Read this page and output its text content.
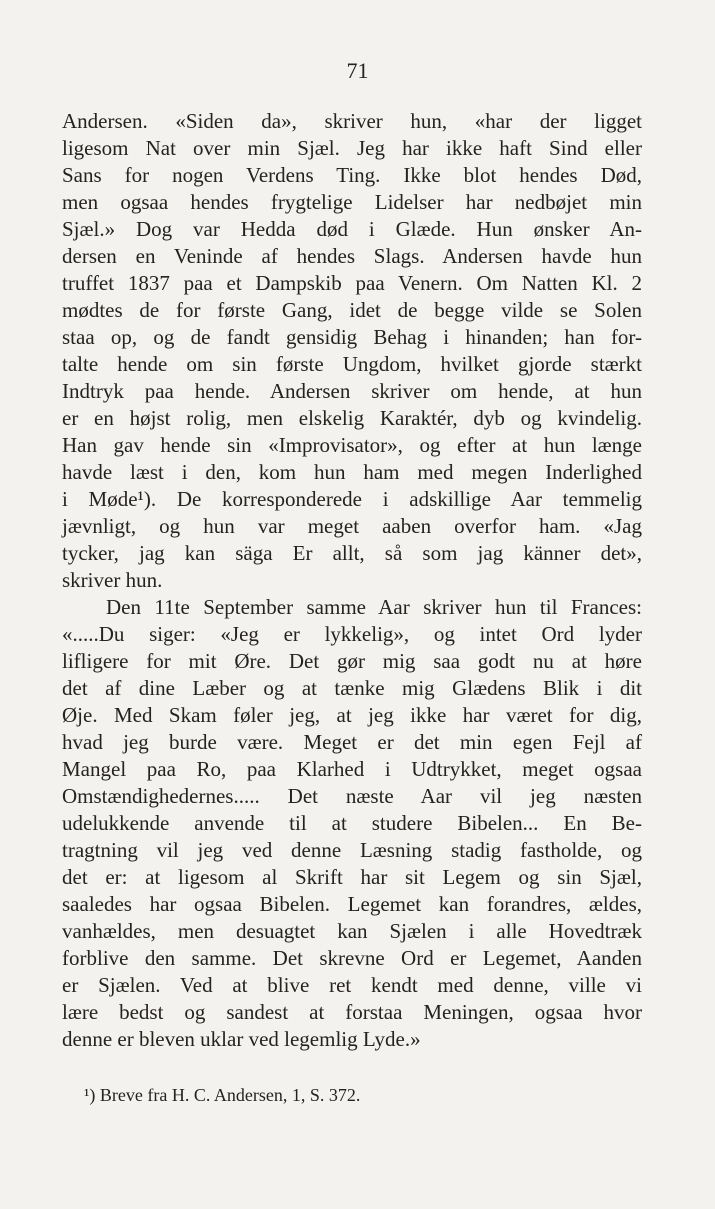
71
Andersen. «Siden da», skriver hun, «har der ligget
ligesom Nat over min Sjæl. Jeg har ikke haft Sind eller
Sans for nogen Verdens Ting. Ikke blot hendes Død,
men ogsaa hendes frygtelige Lidelser har nedbøjet min
Sjæl.» Dog var Hedda død i Glæde. Hun ønsker An-
dersen en Veninde af hendes Slags. Andersen havde hun
truffet 1837 paa et Dampskib paa Venern. Om Natten Kl. 2
mødtes de for første Gang, idet de begge vilde se Solen
staa op, og de fandt gensidig Behag i hinanden; han for-
talte hende om sin første Ungdom, hvilket gjorde stærkt
Indtryk paa hende. Andersen skriver om hende, at hun
er en højst rolig, men elskelig Karaktér, dyb og kvindelig.
Han gav hende sin «Improvisator», og efter at hun længe
havde læst i den, kom hun ham med megen Inderlighed
i Møde¹). De korresponderede i adskillige Aar temmelig
jævnligt, og hun var meget aaben overfor ham. «Jag
tycker, jag kan säga Er allt, så som jag känner det»,
skriver hun.
Den 11te September samme Aar skriver hun til Frances:
«.....Du siger: «Jeg er lykkelig», og intet Ord lyder
lifligere for mit Øre. Det gør mig saa godt nu at høre
det af dine Læber og at tænke mig Glædens Blik i dit
Øje. Med Skam føler jeg, at jeg ikke har været for dig,
hvad jeg burde være. Meget er det min egen Fejl af
Mangel paa Ro, paa Klarhed i Udtrykket, meget ogsaa
Omstændighedernes..... Det næste Aar vil jeg næsten
udelukkende anvende til at studere Bibelen... En Be-
tragtning vil jeg ved denne Læsning stadig fastholde, og
det er: at ligesom al Skrift har sit Legem og sin Sjæl,
saaledes har ogsaa Bibelen. Legemet kan forandres, ældes,
vanhældes, men desuagtet kan Sjælen i alle Hovedtræk
forblive den samme. Det skrevne Ord er Legemet, Aanden
er Sjælen. Ved at blive ret kendt med denne, ville vi
lære bedst og sandest at forstaa Meningen, ogsaa hvor
denne er bleven uklar ved legemlig Lyde.»
¹) Breve fra H. C. Andersen, 1, S. 372.
